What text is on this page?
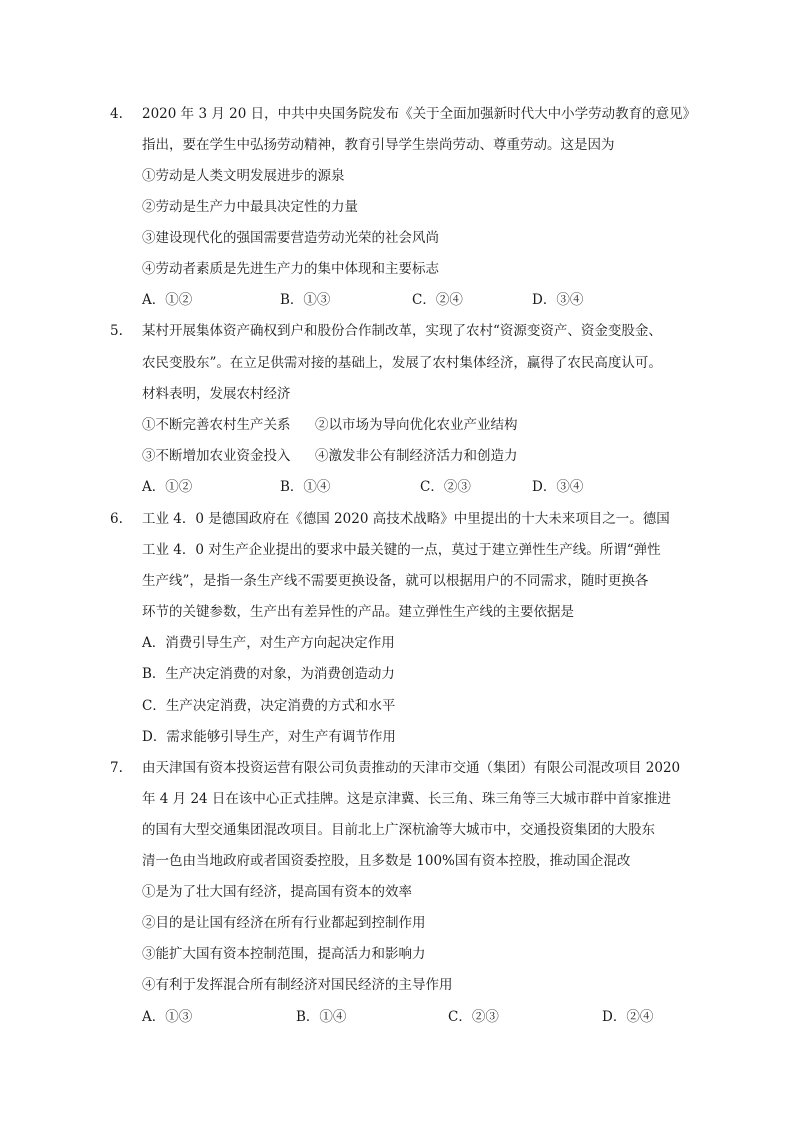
4. 2020 年 3 月 20 日，中共中央国务院发布《关于全面加强新时代大中小学劳动教育的意见》
指出，要在学生中弘扬劳动精神，教育引导学生崇尚劳动、尊重劳动。这是因为
①劳动是人类文明发展进步的源泉
②劳动是生产力中最具决定性的力量
③建设现代化的强国需要营造劳动光荣的社会风尚
④劳动者素质是先进生产力的集中体现和主要标志
A．①②	B．①③	C．②④	D．③④
5. 某村开展集体资产确权到户和股份合作制改革，实现了农村“资源变资产、资金变股金、
农民变股东”。在立足供需对接的基础上，发展了农村集体经济，赢得了农民高度认可。
材料表明，发展农村经济
①不断完善农村生产关系 ②以市场为导向优化农业产业结构
③不断增加农业资金投入 ④激发非公有制经济活力和创造力
A．①②	B．①④	C．②③	D．③④
6. 工业 4．0 是德国政府在《德国 2020 高技术战略》中里提出的十大未来项目之一。德国
工业 4．0 对生产企业提出的要求中最关键的一点，莫过于建立弹性生产线。所谓“弹性
生产线”，是指一条生产线不需要更换设备，就可以根据用户的不同需求，随时更换各
环节的关键参数，生产出有差异性的产品。建立弹性生产线的主要依据是
A．消费引导生产，对生产方向起决定作用
B．生产决定消费的对象，为消费创造动力
C．生产决定消费，决定消费的方式和水平
D．需求能够引导生产，对生产有调节作用
7. 由天津国有资本投资运营有限公司负责推动的天津市交通（集团）有限公司混改项目 2020
年 4 月 24 日在该中心正式挂牌。这是京津冀、长三角、珠三角等三大城市群中首家推进
的国有大型交通集团混改项目。目前北上广深杭渝等大城市中，交通投资集团的大股东
清一色由当地政府或者国资委控股，且多数是 100%国有资本控股，推动国企混改
①是为了壮大国有经济，提高国有资本的效率
②目的是让国有经济在所有行业都起到控制作用
③能扩大国有资本控制范围，提高活力和影响力
④有利于发挥混合所有制经济对国民经济的主导作用
A．①③	B．①④	C．②③	D．②④
